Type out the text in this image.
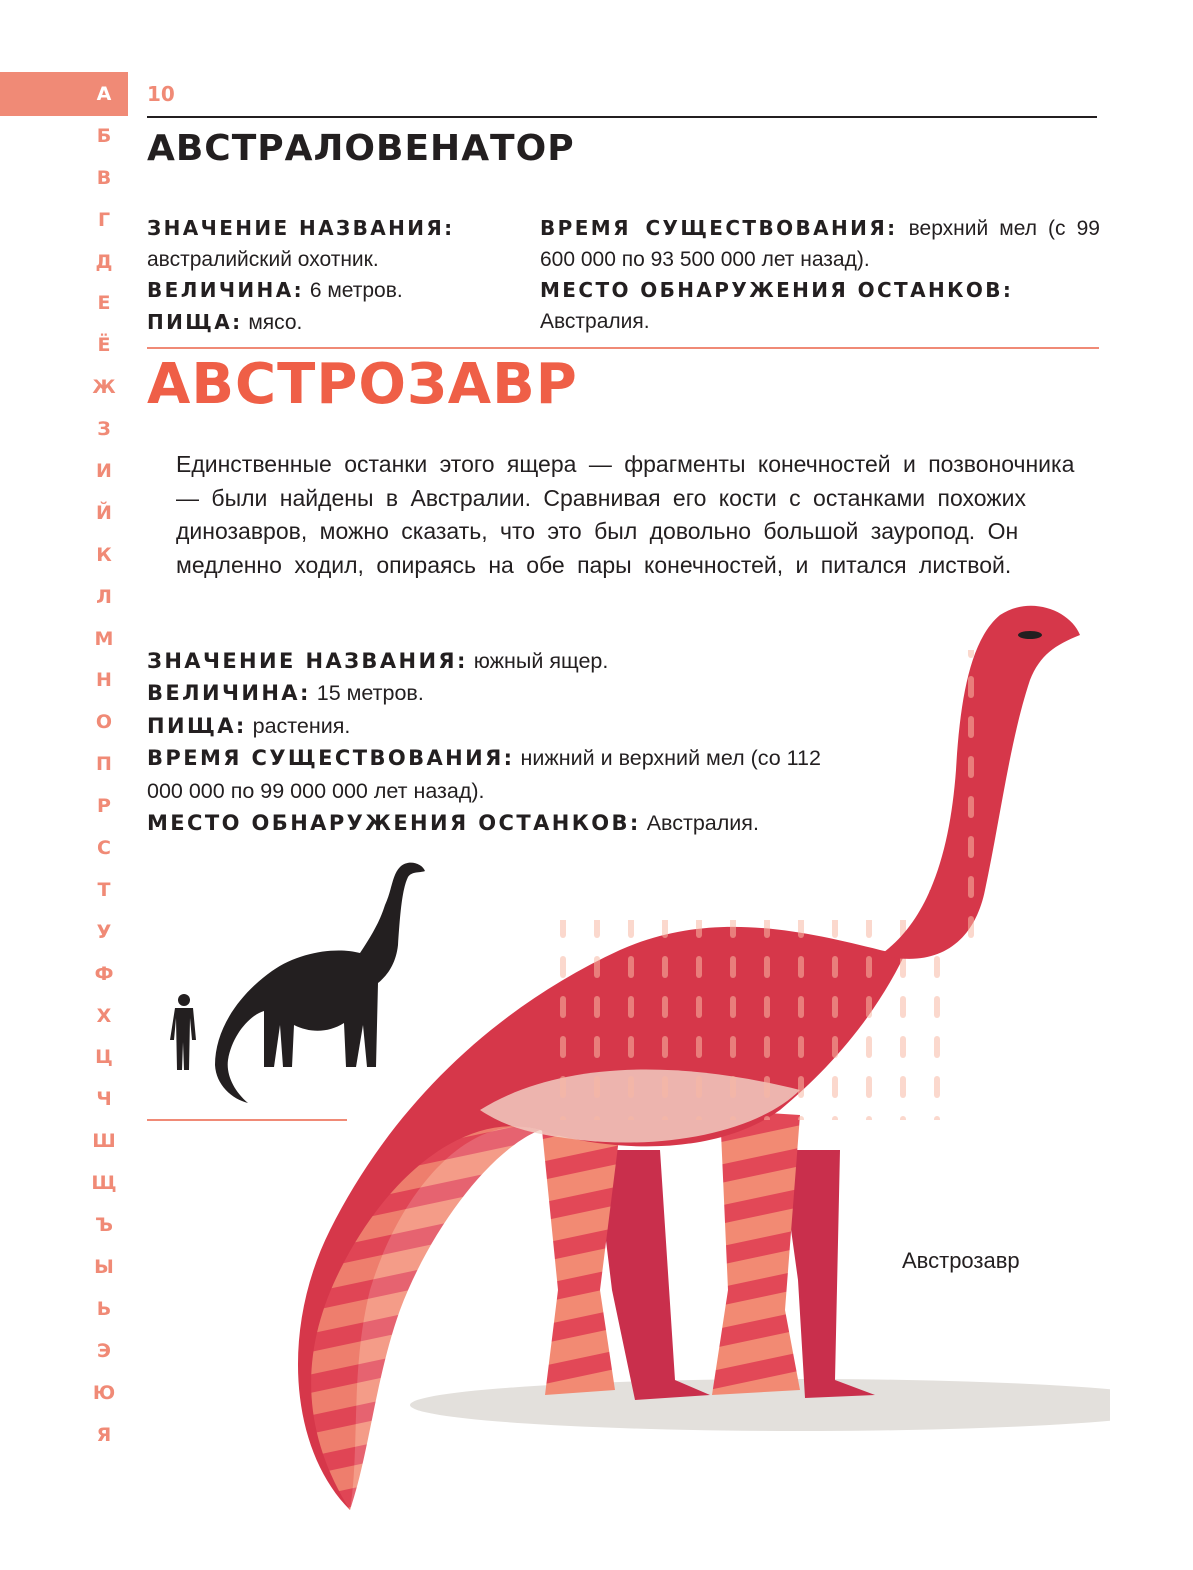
А
Б
В
Г
Д
Е
Ё
Ж
З
И
Й
К
Л
М
Н
О
П
Р
С
Т
У
Ф
Х
Ц
Ч
Ш
Щ
Ъ
Ы
Ь
Э
Ю
Я
10
АВСТРАЛОВЕНАТОР

ЗНАЧЕНИЕ НАЗВАНИЯ:
австралийский охотник.

ВЕЛИЧИНА: 6 метров.

ПИЩА: мясо.

ВРЕМЯ СУЩЕСТВОВАНИЯ: верхний мел (с 99 600 000 по 93 500 000 лет назад).

МЕСТО ОБНАРУЖЕНИЯ ОСТАНКОВ:
Австралия.

АВСТРОЗАВР

Единственные останки этого ящера — фрагменты конечностей и позвоночника — были найдены в Австралии. Сравнивая его кости с останками похожих динозавров, можно сказать, что это был довольно большой зауропод. Он медленно ходил, опираясь на обе пары конечностей, и питался листвой.

ЗНАЧЕНИЕ НАЗВАНИЯ: южный ящер.

ВЕЛИЧИНА: 15 метров.

ПИЩА: растения.

ВРЕМЯ СУЩЕСТВОВАНИЯ: нижний и верхний мел (со 112 000 000 по 99 000 000 лет назад).

МЕСТО ОБНАРУЖЕНИЯ ОСТАНКОВ: Австралия.

Австрозавр
